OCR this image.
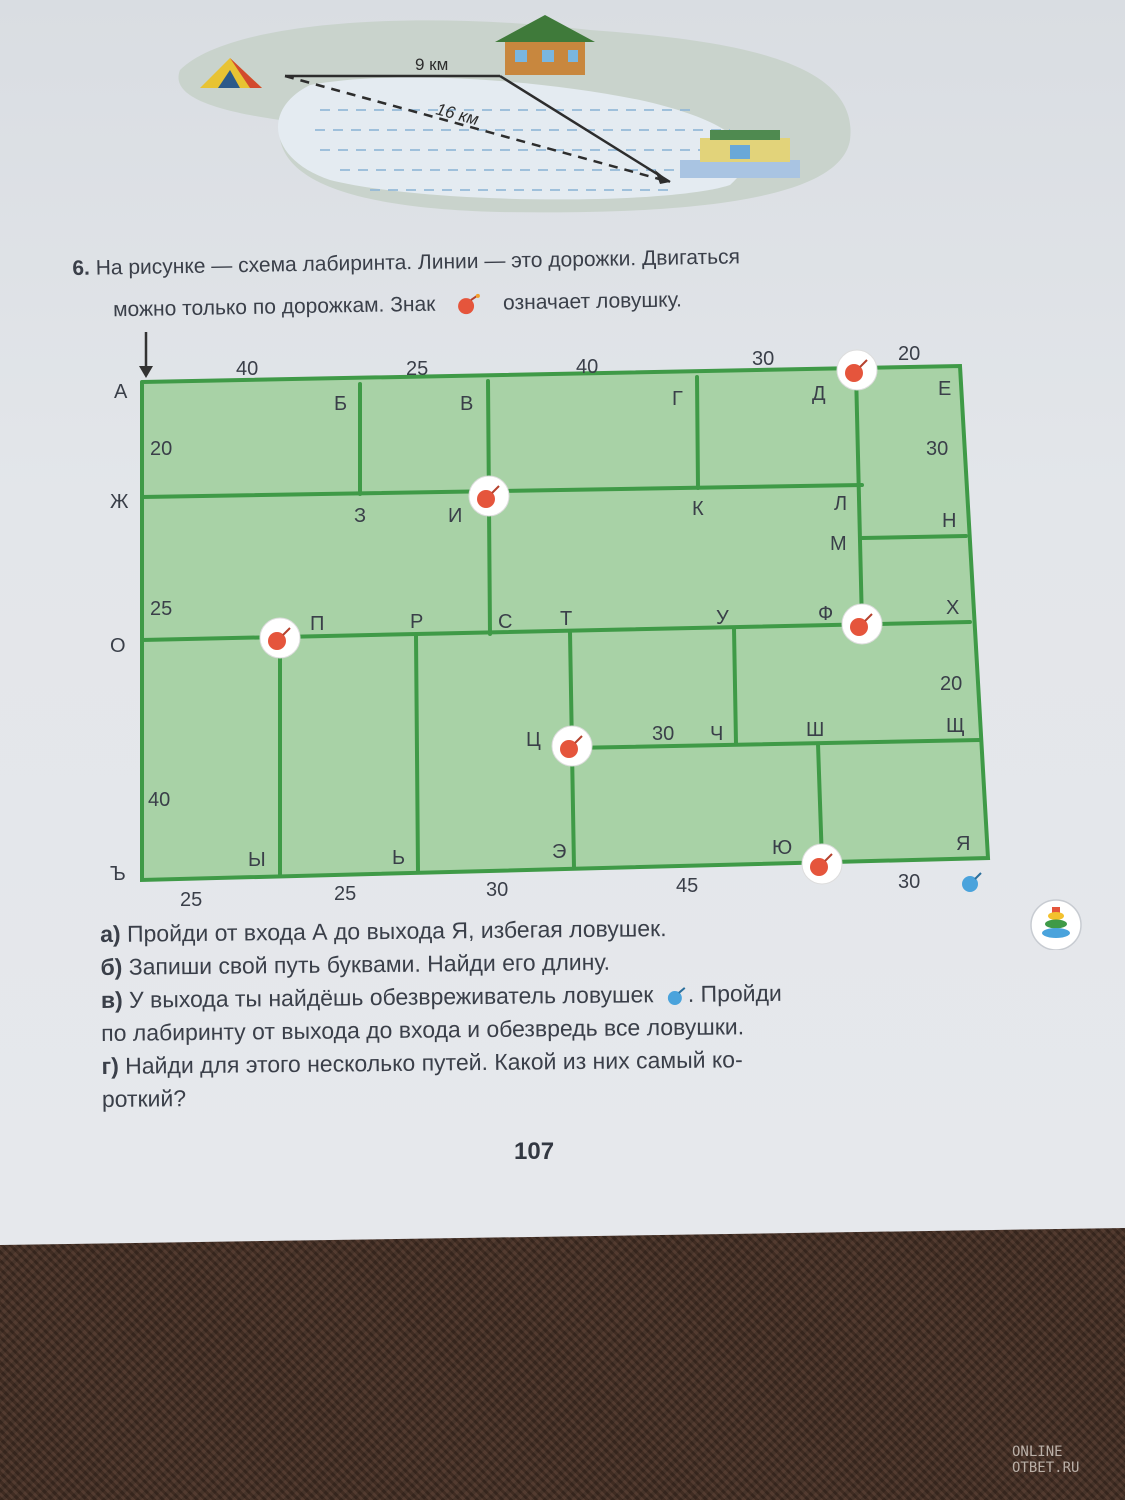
9 км
16 км
6. На рисунке — схема лабиринта. Линии — это дорожки. Двигаться
можно только по дорожкам. Знак	означает ловушку.
А
Б	В	Г	Д	Е
Ж
З	И	К	Л
М
Н
О
П	Р	С Т	У	Ф	Х
Ц	Ч	Ш	Щ
Ъ
Ы	Ь	Э	Ю	Я
40	25	40	30	20
20
25
40
30
20
30
25	25	30	45	30
а) Пройди от входа А до выхода Я, избегая ловушек.
б) Запиши свой путь буквами. Найди его длину.
в) У выхода ты найдёшь обезвреживатель ловушек . Пройди
по лабиринту от выхода до входа и обезвредь все ловушки.
г) Найди для этого несколько путей. Какой из них самый ко-
роткий?
107
ONLINE
OTBET.RU
